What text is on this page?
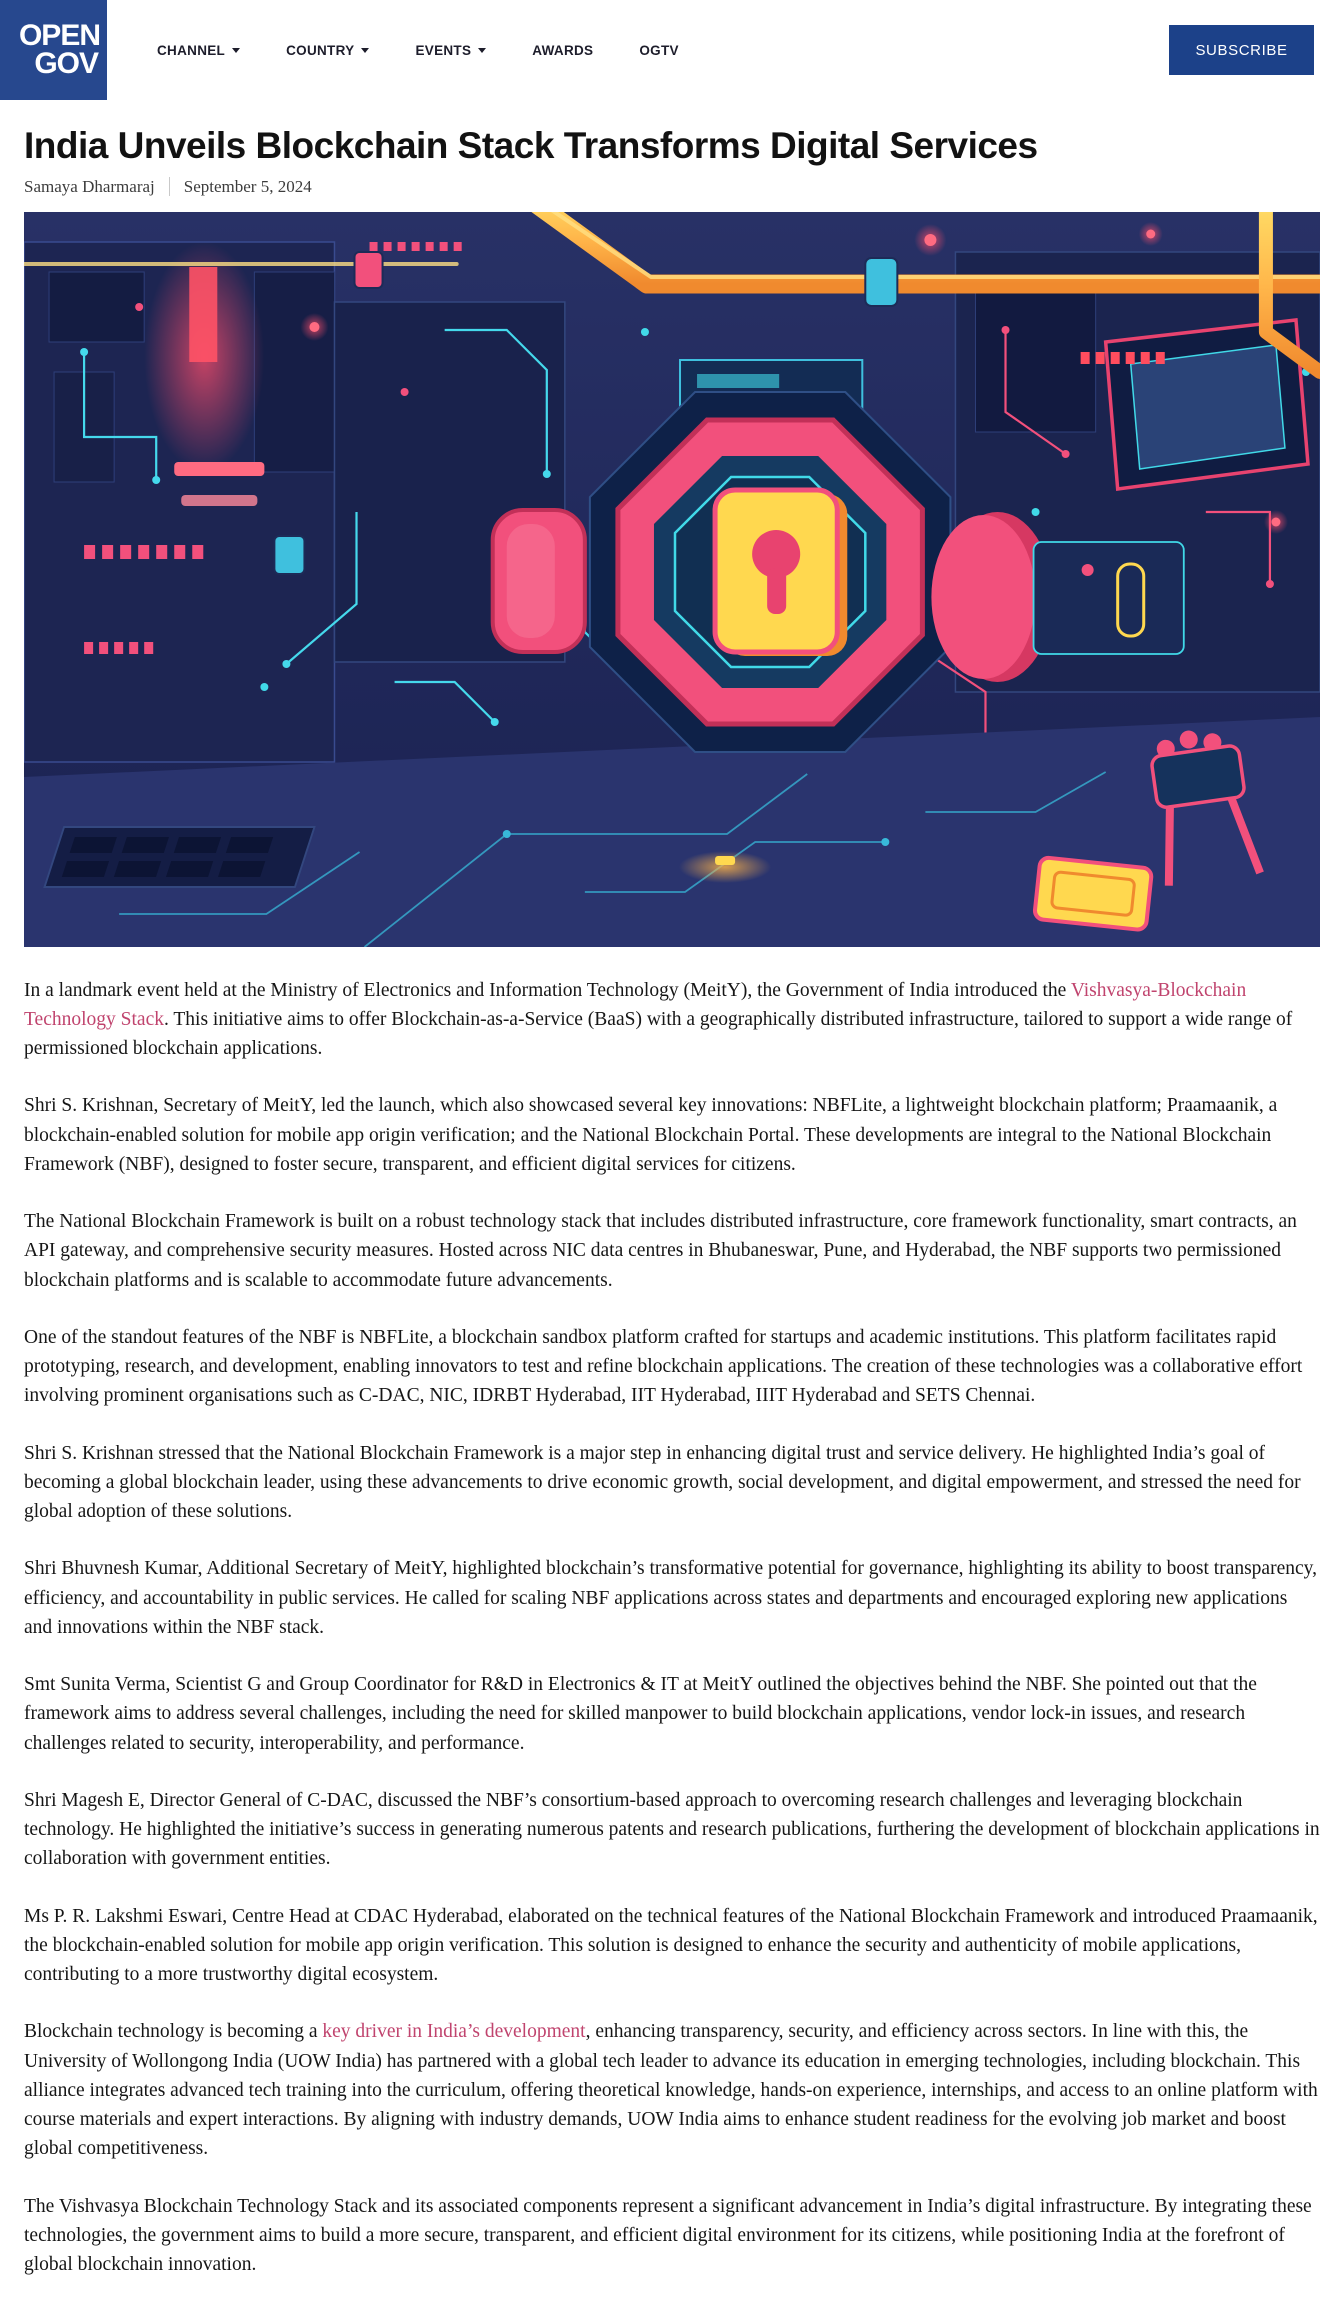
OPEN
GOV	CHANNEL	COUNTRY	EVENTS	AWARDS	OGTV	SUBSCRIBE
India Unveils Blockchain Stack Transforms Digital Services
Samaya Dharmaraj September 5, 2024

In a landmark event held at the Ministry of Electronics and Information Technology (MeitY), the Government of India introduced the Vishvasya-Blockchain Technology Stack. This initiative aims to offer Blockchain-as-a-Service (BaaS) with a geographically distributed infrastructure, tailored to support a wide range of permissioned blockchain applications.

Shri S. Krishnan, Secretary of MeitY, led the launch, which also showcased several key innovations: NBFLite, a lightweight blockchain platform; Praamaanik, a blockchain-enabled solution for mobile app origin verification; and the National Blockchain Portal. These developments are integral to the National Blockchain Framework (NBF), designed to foster secure, transparent, and efficient digital services for citizens.

The National Blockchain Framework is built on a robust technology stack that includes distributed infrastructure, core framework functionality, smart contracts, an API gateway, and comprehensive security measures. Hosted across NIC data centres in Bhubaneswar, Pune, and Hyderabad, the NBF supports two permissioned blockchain platforms and is scalable to accommodate future advancements.

One of the standout features of the NBF is NBFLite, a blockchain sandbox platform crafted for startups and academic institutions. This platform facilitates rapid prototyping, research, and development, enabling innovators to test and refine blockchain applications. The creation of these technologies was a collaborative effort involving prominent organisations such as C-DAC, NIC, IDRBT Hyderabad, IIT Hyderabad, IIIT Hyderabad and SETS Chennai.

Shri S. Krishnan stressed that the National Blockchain Framework is a major step in enhancing digital trust and service delivery. He highlighted India’s goal of becoming a global blockchain leader, using these advancements to drive economic growth, social development, and digital empowerment, and stressed the need for global adoption of these solutions.

Shri Bhuvnesh Kumar, Additional Secretary of MeitY, highlighted blockchain’s transformative potential for governance, highlighting its ability to boost transparency, efficiency, and accountability in public services. He called for scaling NBF applications across states and departments and encouraged exploring new applications and innovations within the NBF stack.

Smt Sunita Verma, Scientist G and Group Coordinator for R&D in Electronics & IT at MeitY outlined the objectives behind the NBF. She pointed out that the framework aims to address several challenges, including the need for skilled manpower to build blockchain applications, vendor lock-in issues, and research challenges related to security, interoperability, and performance.

Shri Magesh E, Director General of C-DAC, discussed the NBF’s consortium-based approach to overcoming research challenges and leveraging blockchain technology. He highlighted the initiative’s success in generating numerous patents and research publications, furthering the development of blockchain applications in collaboration with government entities.

Ms P. R. Lakshmi Eswari, Centre Head at CDAC Hyderabad, elaborated on the technical features of the National Blockchain Framework and introduced Praamaanik, the blockchain-enabled solution for mobile app origin verification. This solution is designed to enhance the security and authenticity of mobile applications, contributing to a more trustworthy digital ecosystem.

Blockchain technology is becoming a key driver in India’s development, enhancing transparency, security, and efficiency across sectors. In line with this, the University of Wollongong India (UOW India) has partnered with a global tech leader to advance its education in emerging technologies, including blockchain. This alliance integrates advanced tech training into the curriculum, offering theoretical knowledge, hands-on experience, internships, and access to an online platform with course materials and expert interactions. By aligning with industry demands, UOW India aims to enhance student readiness for the evolving job market and boost global competitiveness.

The Vishvasya Blockchain Technology Stack and its associated components represent a significant advancement in India’s digital infrastructure. By integrating these technologies, the government aims to build a more secure, transparent, and efficient digital environment for its citizens, while positioning India at the forefront of global blockchain innovation.
